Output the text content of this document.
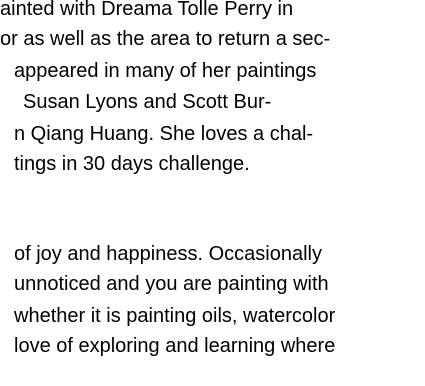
ainted with Dreama Tolle Perry in
or as well as the area to return a sec-
appeared in many of her paintings
Susan Lyons and Scott Bur-
n Qiang Huang. She loves a chal-
tings in 30 days challenge.
of joy and happiness. Occasionally
unnoticed and you are painting with
whether it is painting oils, watercolor
love of exploring and learning where
